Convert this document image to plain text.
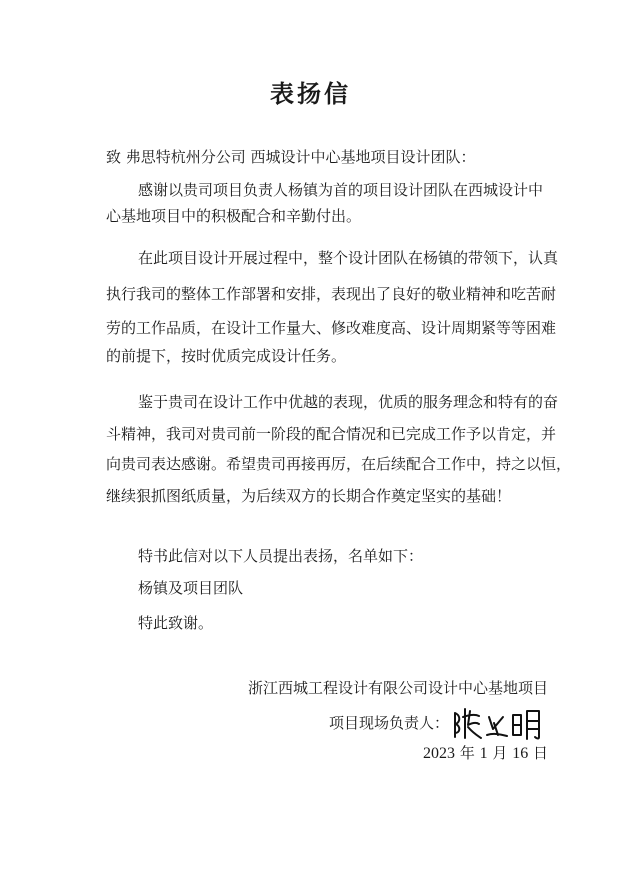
表扬信
致 弗思特杭州分公司 西城设计中心基地项目设计团队：
感谢以贵司项目负责人杨镇为首的项目设计团队在西城设计中
心基地项目中的积极配合和辛勤付出。
在此项目设计开展过程中，整个设计团队在杨镇的带领下，认真
执行我司的整体工作部署和安排，表现出了良好的敬业精神和吃苦耐
劳的工作品质，在设计工作量大、修改难度高、设计周期紧等等困难
的前提下，按时优质完成设计任务。
鉴于贵司在设计工作中优越的表现，优质的服务理念和特有的奋
斗精神，我司对贵司前一阶段的配合情况和已完成工作予以肯定，并
向贵司表达感谢。希望贵司再接再厉，在后续配合工作中，持之以恒，
继续狠抓图纸质量，为后续双方的长期合作奠定坚实的基础！
特书此信对以下人员提出表扬，名单如下：
杨镇及项目团队
特此致谢。
浙江西城工程设计有限公司设计中心基地项目
项目现场负责人：
2023 年 1 月 16 日
